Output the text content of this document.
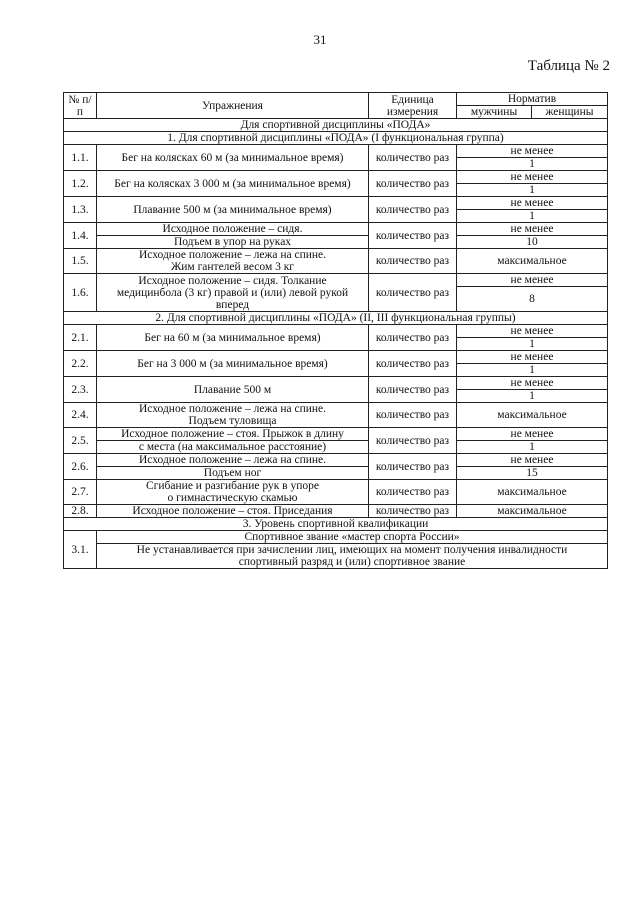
31
Таблица № 2
№ п/п	Упражнения	Единица измерения	Норматив	
			мужчины	женщины
Для спортивной дисциплины «ПОДА»				
1. Для спортивной дисциплины «ПОДА» (I функциональная группа)				
1.1.	Бег на колясках 60 м (за минимальное время)	количество раз	не менее	
			1	
1.2.	Бег на колясках 3 000 м (за минимальное время)	количество раз	не менее	
			1	
1.3.	Плавание 500 м (за минимальное время)	количество раз	не менее	
			1	
1.4.	Исходное положение – сидя.	количество раз	не менее	
	Подъем в упор на руках		10	
1.5.	Исходное положение – лежа на спине.
Жим гантелей весом 3 кг	количество раз	максимальное	
1.6.	Исходное положение – сидя. Толкание
медицинбола (3 кг) правой и (или) левой рукой
вперед	количество раз	не менее	
			8	
2. Для спортивной дисциплины «ПОДА» (II, III функциональная группы)				
2.1.	Бег на 60 м (за минимальное время)	количество раз	не менее	
			1	
2.2.	Бег на 3 000 м (за минимальное время)	количество раз	не менее	
			1	
2.3.	Плавание 500 м	количество раз	не менее	
			1	
2.4.	Исходное положение – лежа на спине.
Подъем туловища	количество раз	максимальное	
2.5.	Исходное положение – стоя. Прыжок в длину	количество раз	не менее	
	с места (на максимальное расстояние)		1	
2.6.	Исходное положение – лежа на спине.	количество раз	не менее	
	Подъем ног		15	
2.7.	Сгибание и разгибание рук в упоре
о гимнастическую скамью	количество раз	максимальное	
2.8.	Исходное положение – стоя. Приседания	количество раз	максимальное	
3. Уровень спортивной квалификации				
3.1.	Спортивное звание «мастер спорта России»			

	Не устанавливается при зачислении лиц, имеющих на момент получения инвалидности
спортивный разряд и (или) спортивное звание			
